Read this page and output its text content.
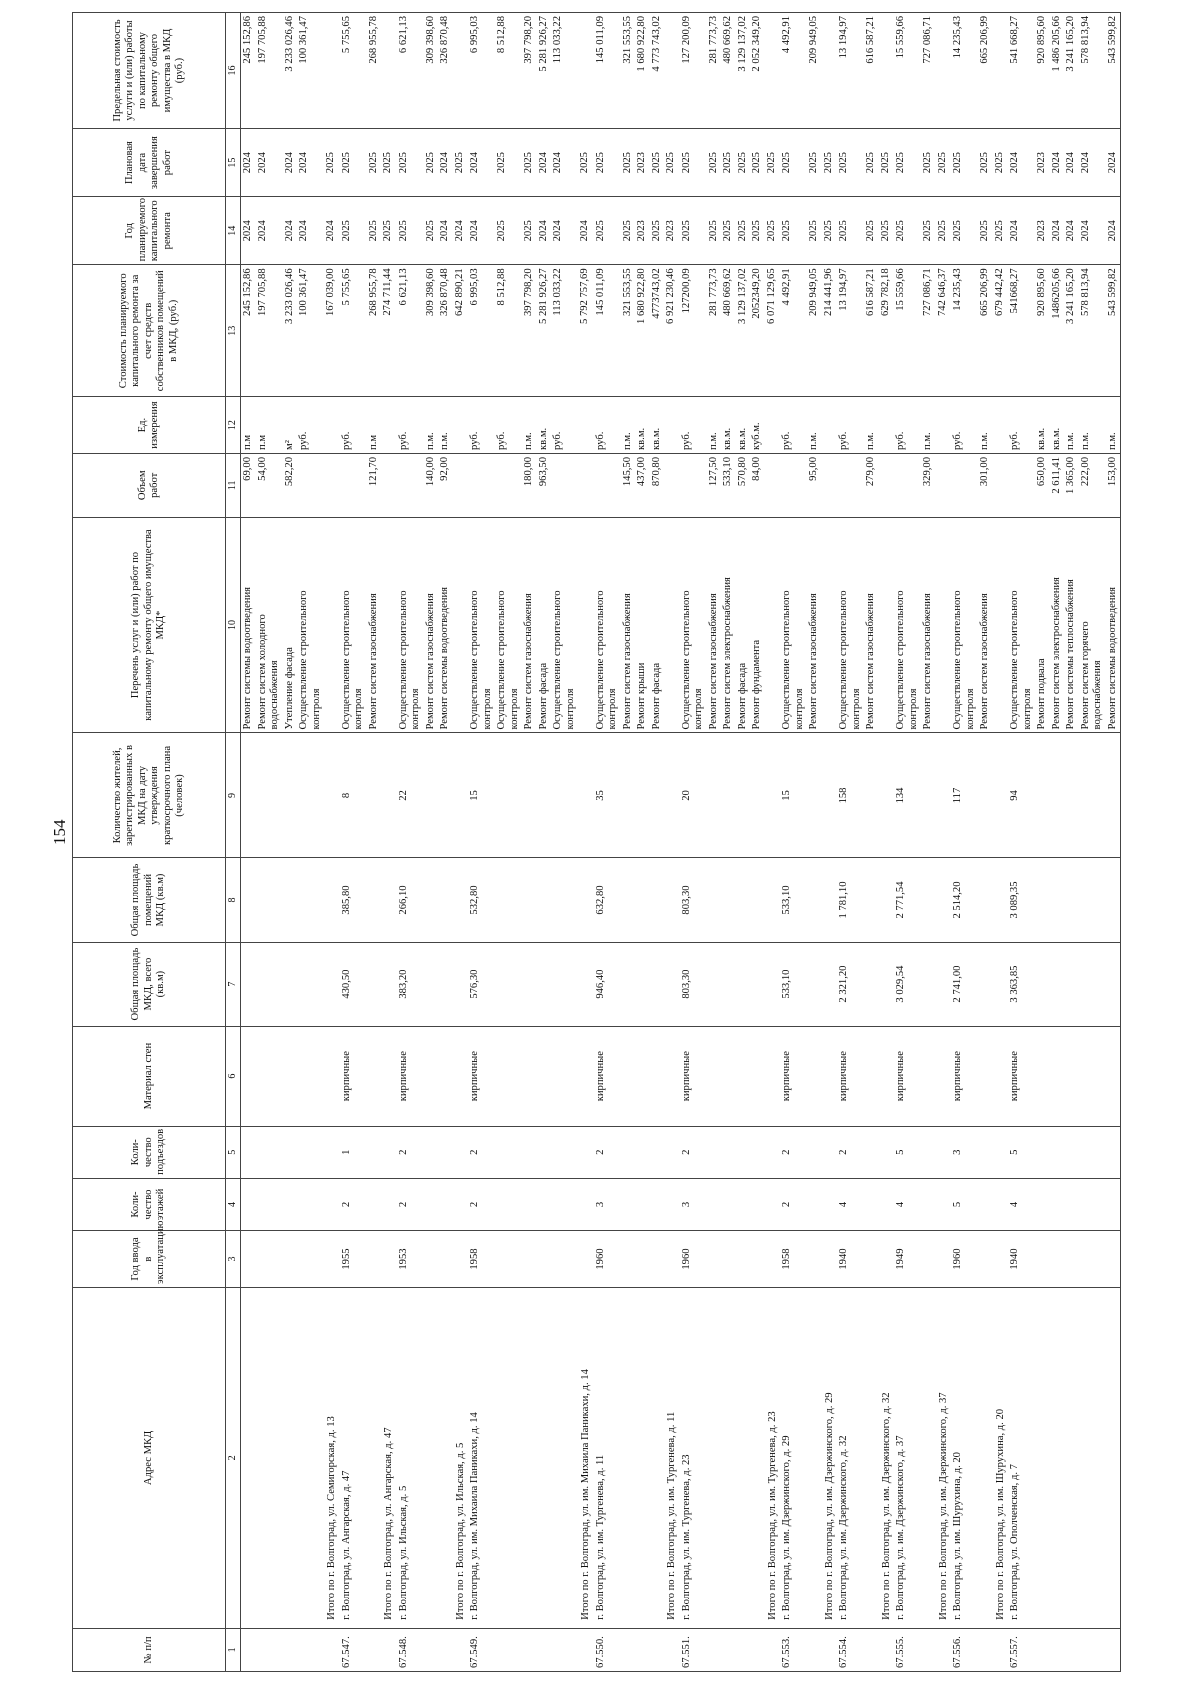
154
№ п/п	Адрес МКД	Год ввода в эксплуатацию	Коли-чество этажей	Коли-чество подъездов	Материал стен	Общая площадь МКД, всего (кв.м)	Общая площадь помещений МКД (кв.м)	Количество жителей, зарегистрированных в МКД на дату утверждения краткосрочного плана (человек)	Перечень услуг и (или) работ по капитальному ремонту общего имущества МКД*	Объем работ	Ед. измерения	Стоимость планируемого капитального ремонта за счет средств собственников помещений в МКД, (руб.)	Год планируемого капитального ремонта	Плановая дата завершения работ	Предельная стоимость услуги и (или) работы по капитальному ремонту общего имущества в МКД (руб.)
1	2	3	4	5	6	7	8	9	10	11	12	13	14	15	16

									Ремонт системы водоотведения	69,00	п.м	245 152,86	2024	2024	245 152,86

									Ремонт систем холодного водоснабжения	54,00	п.м	197 705,88	2024	2024	197 705,88

									Утепление фасада	582,20	м²	3 233 026,46	2024	2024	3 233 026,46

									Осуществление строительного контроля		руб.	100 361,47	2024	2024	100 361,47
	Итого по г. Волгоград, ул. Семигорская, д. 13											167 039,00	2024	2025	
67.547.	г. Волгоград, ул. Ангарская, д. 47	1955	2	1	кирпичные	430,50	385,80	8	Осуществление строительного контроля		руб.	5 755,65	2025	2025	5 755,65

									Ремонт систем газоснабжения	121,70	п.м	268 955,78	2025	2025	268 955,78
	Итого по г. Волгоград, ул. Ангарская, д. 47											274 711,44	2025	2025	
67.548.	г. Волгоград, ул. Ильская, д. 5	1953	2	2	кирпичные	383,20	266,10	22	Осуществление строительного контроля		руб.	6 621,13	2025	2025	6 621,13

									Ремонт систем газоснабжения	140,00	п.м.	309 398,60	2025	2025	309 398,60

									Ремонт системы водоотведения	92,00	п.м.	326 870,48	2024	2024	326 870,48
	Итого по г. Волгоград, ул. Ильская, д. 5											642 890,21	2024	2025	
67.549.	г. Волгоград, ул. им. Михаила Паникахи, д. 14	1958	2	2	кирпичные	576,30	532,80	15	Осуществление строительного контроля		руб.	6 995,03	2024	2024	6 995,03

									Осуществление строительного контроля		руб.	8 512,88	2025	2025	8 512,88

									Ремонт систем газоснабжения	180,00	п.м.	397 798,20	2025	2025	397 798,20

									Ремонт фасада	963,50	кв.м.	5 281 926,27	2024	2024	5 281 926,27

									Осуществление строительного контроля		руб.	113 033,22	2024	2024	113 033,22
	Итого по г. Волгоград, ул. им. Михаила Паникахи, д. 14											5 792 757,69	2024	2025	
67.550.	г. Волгоград, ул. им. Тургенева, д. 11	1960	3	2	кирпичные	946,40	632,80	35	Осуществление строительного контроля		руб.	145 011,09	2025	2025	145 011,09

									Ремонт систем газоснабжения	145,50	п.м.	321 553,55	2025	2025	321 553,55

									Ремонт крыши	437,00	кв.м.	1 680 922,80	2023	2023	1 680 922,80

									Ремонт фасада	870,80	кв.м.	4773743,02	2025	2025	4 773 743,02
	Итого по г. Волгоград, ул. им. Тургенева, д. 11											6 921 230,46	2023	2025	
67.551.	г. Волгоград, ул. им. Тургенева, д. 23	1960	3	2	кирпичные	803,30	803,30	20	Осуществление строительного контроля		руб.	127200,09	2025	2025	127 200,09

									Ремонт систем газоснабжения	127,50	п.м.	281 773,73	2025	2025	281 773,73

									Ремонт систем электроснабжения	533,10	кв.м.	480 669,62	2025	2025	480 669,62

									Ремонт фасада	570,80	кв.м.	3 129 137,02	2025	2025	3 129 137,02

									Ремонт фундамента	84,00	куб.м.	2052349,20	2025	2025	2 052 349,20
	Итого по г. Волгоград, ул. им. Тургенева, д. 23											6 071 129,65	2025	2025	
67.553.	г. Волгоград, ул. им. Дзержинского, д. 29	1958	2	2	кирпичные	533,10	533,10	15	Осуществление строительного контроля		руб.	4 492,91	2025	2025	4 492,91

									Ремонт систем газоснабжения	95,00	п.м.	209 949,05	2025	2025	209 949,05
	Итого по г. Волгоград, ул. им. Дзержинского, д. 29											214 441,96	2025	2025	
67.554.	г. Волгоград, ул. им. Дзержинского, д. 32	1940	4	2	кирпичные	2 321,20	1 781,10	158	Осуществление строительного контроля		руб.	13 194,97	2025	2025	13 194,97

									Ремонт систем газоснабжения	279,00	п.м.	616 587,21	2025	2025	616 587,21
	Итого по г. Волгоград, ул. им. Дзержинского, д. 32											629 782,18	2025	2025	
67.555.	г. Волгоград, ул. им. Дзержинского, д. 37	1949	4	5	кирпичные	3 029,54	2 771,54	134	Осуществление строительного контроля		руб.	15 559,66	2025	2025	15 559,66

									Ремонт систем газоснабжения	329,00	п.м.	727 086,71	2025	2025	727 086,71
	Итого по г. Волгоград, ул. им. Дзержинского, д. 37											742 646,37	2025	2025	
67.556.	г. Волгоград, ул. им. Шурухина, д. 20	1960	5	3	кирпичные	2 741,00	2 514,20	117	Осуществление строительного контроля		руб.	14 235,43	2025	2025	14 235,43

									Ремонт систем газоснабжения	301,00	п.м.	665 206,99	2025	2025	665 206,99
	Итого по г. Волгоград, ул. им. Шурухина, д. 20											679 442,42	2025	2025	
67.557.	г. Волгоград, ул. Ополченская, д. 7	1940	4	5	кирпичные	3 363,85	3 089,35	94	Осуществление строительного контроля		руб.	541668,27	2024	2024	541 668,27

									Ремонт подвала	650,00	кв.м.	920 895,60	2023	2023	920 895,60

									Ремонт систем электроснабжения	2 611,41	кв.м.	1486205,66	2024	2024	1 486 205,66

									Ремонт системы теплоснабжения	1 365,00	п.м.	3 241 165,20	2024	2024	3 241 165,20

									Ремонт систем горячего водоснабжения	222,00	п.м.	578 813,94	2024	2024	578 813,94

									Ремонт системы водоотведения	153,00	п.м.	543 599,82	2024	2024	543 599,82
